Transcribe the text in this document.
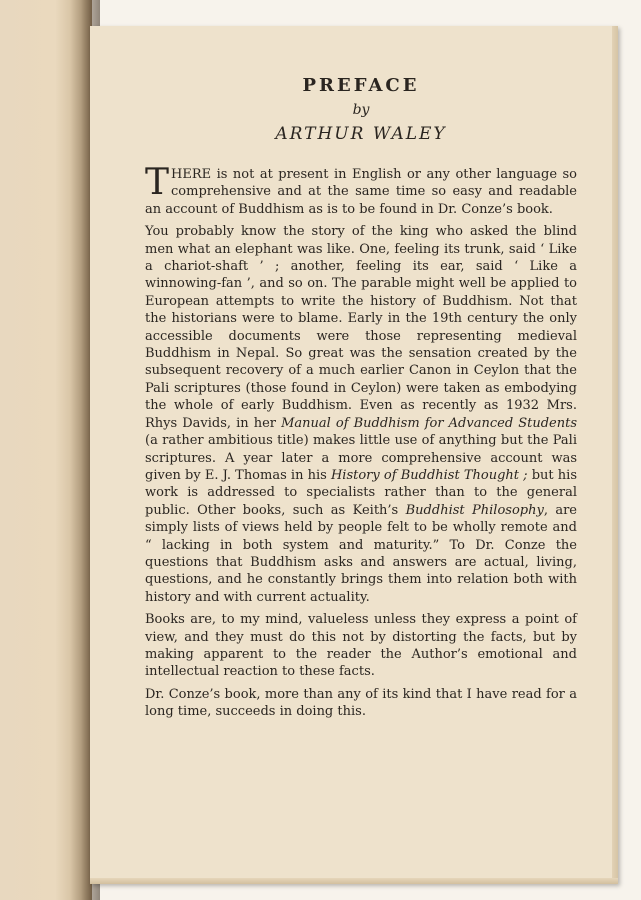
PREFACE

by

ARTHUR WALEY

THERE is not at present in English or any other language so comprehensive and at the same time so easy and readable an account of Buddhism as is to be found in Dr. Conze’s book.

You probably know the story of the king who asked the blind men what an elephant was like. One, feeling its trunk, said ‘ Like a chariot-shaft ’ ; another, feeling its ear, said ‘ Like a winnowing-fan ’, and so on. The parable might well be applied to European attempts to write the history of Buddhism. Not that the historians were to blame. Early in the 19th century the only accessible documents were those representing medieval Buddhism in Nepal. So great was the sensation created by the subsequent recovery of a much earlier Canon in Ceylon that the Pali scriptures (those found in Ceylon) were taken as embodying the whole of early Buddhism. Even as recently as 1932 Mrs. Rhys Davids, in her Manual of Buddhism for Advanced Students (a rather ambitious title) makes little use of anything but the Pali scriptures. A year later a more comprehensive account was given by E. J. Thomas in his History of Buddhist Thought ; but his work is addressed to specialists rather than to the general public. Other books, such as Keith’s Buddhist Philosophy, are simply lists of views held by people felt to be wholly remote and “ lacking in both system and maturity.” To Dr. Conze the questions that Buddhism asks and answers are actual, living, questions, and he constantly brings them into relation both with history and with current actuality.

Books are, to my mind, valueless unless they express a point of view, and they must do this not by distorting the facts, but by making apparent to the reader the Author’s emotional and intellectual reaction to these facts.

Dr. Conze’s book, more than any of its kind that I have read for a long time, succeeds in doing this.
